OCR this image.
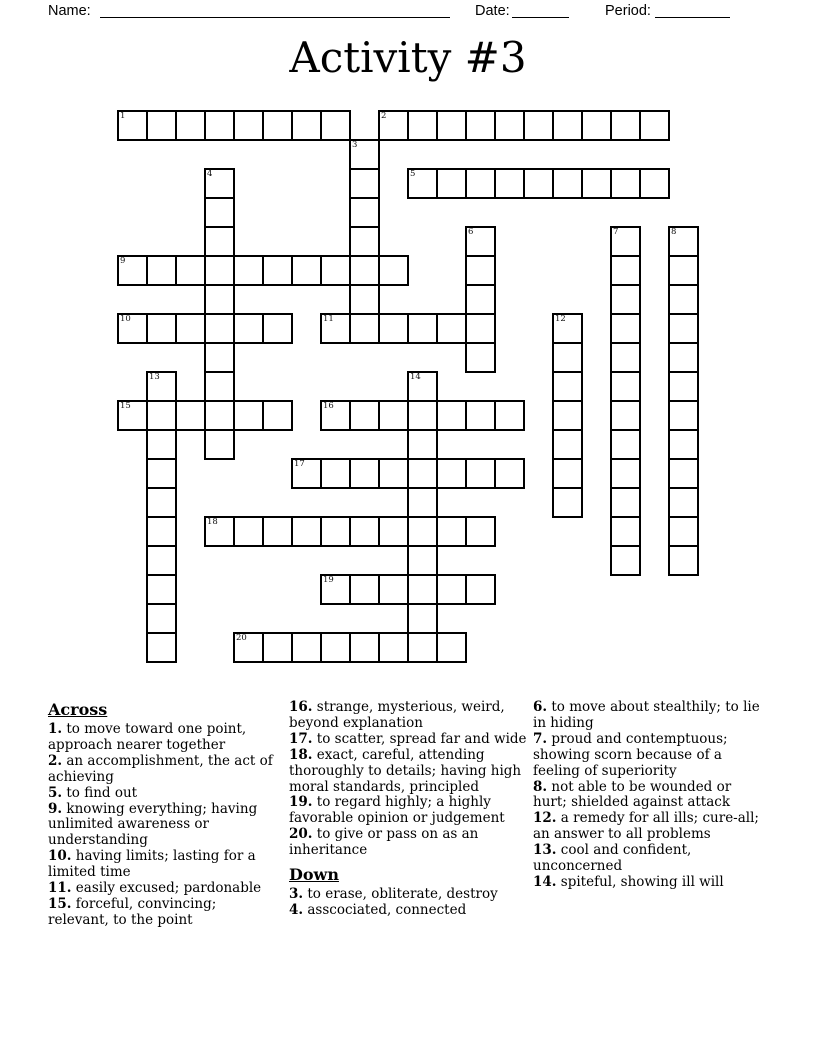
Name:	Date:	Period:
Activity #3
1	2
5
9
10	11
15	16
17
18
19
20
3
4
6	7	8
12
13	14
Across

1. to move toward one point, approach nearer together

2. an accomplishment, the act of achieving

5. to find out

9. knowing everything; having unlimited awareness or understanding

10. having limits; lasting for a limited time

11. easily excused; pardonable

15. forceful, convincing; relevant, to the point

16. strange, mysterious, weird, beyond explanation

17. to scatter, spread far and wide

18. exact, careful, attending thoroughly to details; having high moral standards, principled

19. to regard highly; a highly favorable opinion or judgement

20. to give or pass on as an inheritance

Down

3. to erase, obliterate, destroy

4. asscociated, connected

6. to move about stealthily; to lie in hiding

7. proud and contemptuous; showing scorn because of a feeling of superiority

8. not able to be wounded or hurt; shielded against attack

12. a remedy for all ills; cure-all; an answer to all problems

13. cool and confident, unconcerned

14. spiteful, showing ill will
